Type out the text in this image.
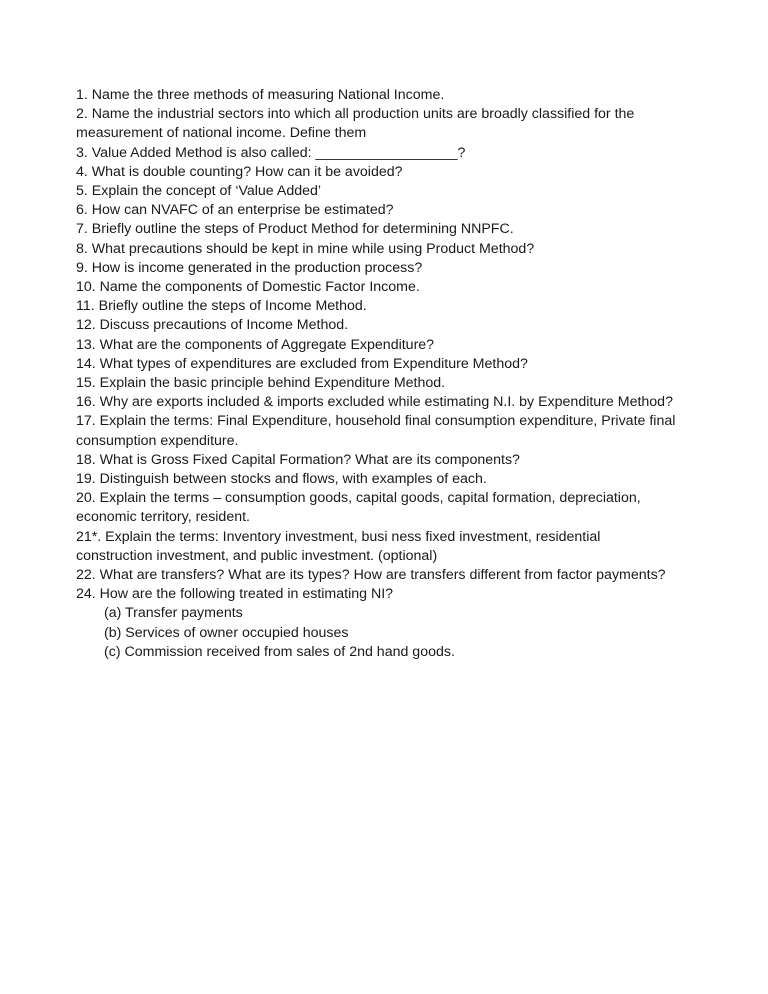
1. Name the three methods of measuring National Income.

2. Name the industrial sectors into which all production units are broadly classified for the measurement of national income. Define them

3. Value Added Method is also called: __________________?

4. What is double counting? How can it be avoided?

5. Explain the concept of ‘Value Added’

6. How can NVAFC of an enterprise be estimated?

7. Briefly outline the steps of Product Method for determining NNPFC.

8. What precautions should be kept in mine while using Product Method?

9. How is income generated in the production process?

10. Name the components of Domestic Factor Income.

11. Briefly outline the steps of Income Method.

12. Discuss precautions of Income Method.

13. What are the components of Aggregate Expenditure?

14. What types of expenditures are excluded from Expenditure Method?

15. Explain the basic principle behind Expenditure Method.

16. Why are exports included & imports excluded while estimating N.I. by Expenditure Method?

17. Explain the terms: Final Expenditure, household final consumption expenditure, Private final consumption expenditure.

18. What is Gross Fixed Capital Formation? What are its components?

19. Distinguish between stocks and flows, with examples of each.

20. Explain the terms – consumption goods, capital goods, capital formation, depreciation, economic territory, resident.

21*. Explain the terms: Inventory investment, busi ness fixed investment, residential construction investment, and public investment. (optional)

22. What are transfers? What are its types? How are transfers different from factor payments?

24. How are the following treated in estimating NI?

(a) Transfer payments
(b) Services of owner occupied houses
(c) Commission received from sales of 2nd hand goods.
